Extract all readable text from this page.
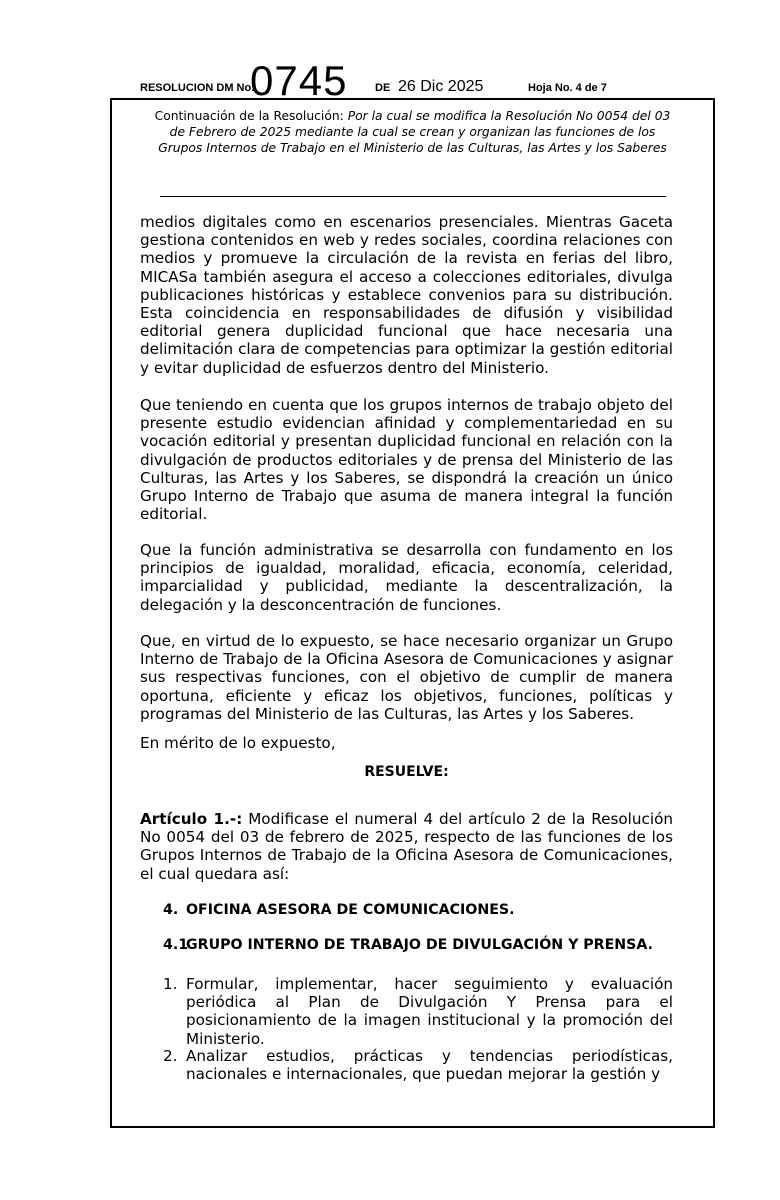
RESOLUCION DM No.
0745	DE 26 Dic 2025	Hoja No. 4 de 7
Continuación de la Resolución: Por la cual se modifica la Resolución No 0054 del 03 de Febrero de 2025 mediante la cual se crean y organizan las funciones de los Grupos Internos de Trabajo en el Ministerio de las Culturas, las Artes y los Saberes
medios digitales como en escenarios presenciales. Mientras Gaceta gestiona contenidos en web y redes sociales, coordina relaciones con medios y promueve la circulación de la revista en ferias del libro, MICASa también asegura el acceso a colecciones editoriales, divulga publicaciones históricas y establece convenios para su distribución. Esta coincidencia en responsabilidades de difusión y visibilidad editorial genera duplicidad funcional que hace necesaria una delimitación clara de competencias para optimizar la gestión editorial y evitar duplicidad de esfuerzos dentro del Ministerio.
Que teniendo en cuenta que los grupos internos de trabajo objeto del presente estudio evidencian afinidad y complementariedad en su vocación editorial y presentan duplicidad funcional en relación con la divulgación de productos editoriales y de prensa del Ministerio de las Culturas, las Artes y los Saberes, se dispondrá la creación un único Grupo Interno de Trabajo que asuma de manera integral la función editorial.
Que la función administrativa se desarrolla con fundamento en los principios de igualdad, moralidad, eficacia, economía, celeridad, imparcialidad y publicidad, mediante la descentralización, la delegación y la desconcentración de funciones.
Que, en virtud de lo expuesto, se hace necesario organizar un Grupo Interno de Trabajo de la Oficina Asesora de Comunicaciones y asignar sus respectivas funciones, con el objetivo de cumplir de manera oportuna, eficiente y eficaz los objetivos, funciones, políticas y programas del Ministerio de las Culturas, las Artes y los Saberes.
En mérito de lo expuesto,
RESUELVE:
Artículo 1.-: Modificase el numeral 4 del artículo 2 de la Resolución No 0054 del 03 de febrero de 2025, respecto de las funciones de los Grupos Internos de Trabajo de la Oficina Asesora de Comunicaciones, el cual quedara así:
4. OFICINA ASESORA DE COMUNICACIONES.
4.1
GRUPO INTERNO DE TRABAJO DE DIVULGACIÓN Y PRENSA.
1. Formular, implementar, hacer seguimiento y evaluación periódica al Plan de Divulgación Y Prensa para el posicionamiento de la imagen institucional y la promoción del Ministerio.
2. Analizar estudios, prácticas y tendencias periodísticas, nacionales e internacionales, que puedan mejorar la gestión y
